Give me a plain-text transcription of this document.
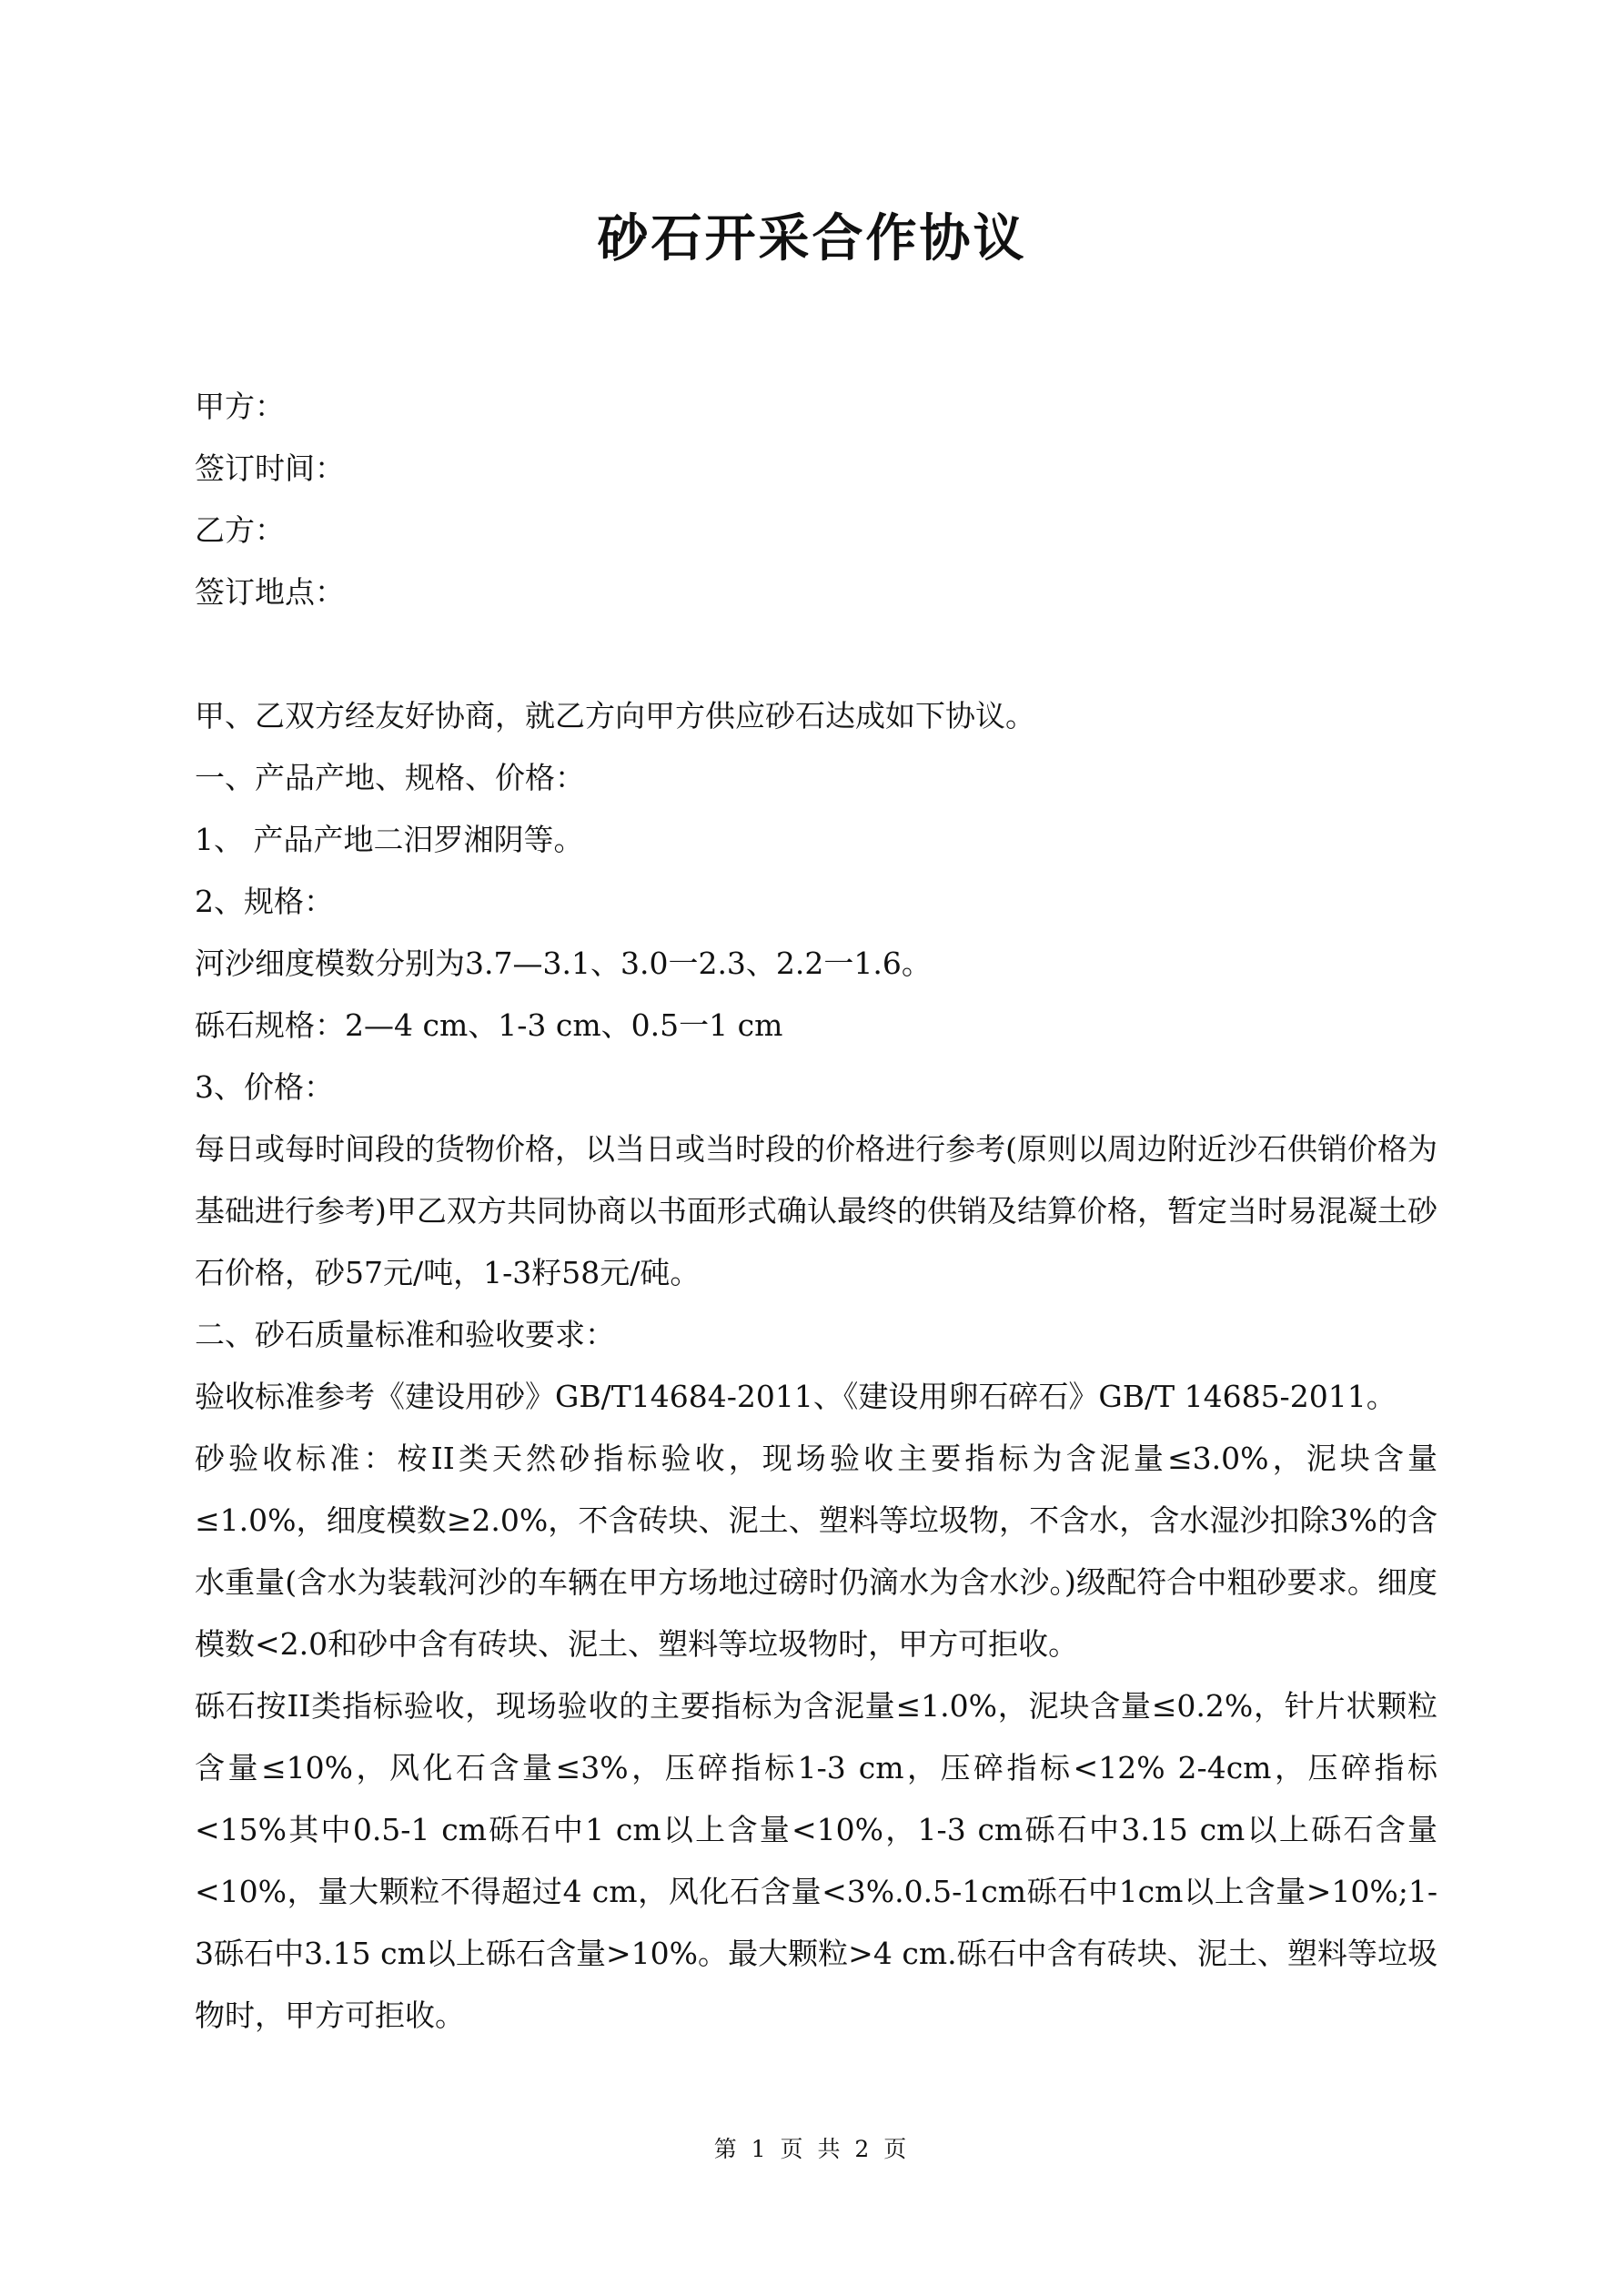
砂石开采合作协议

甲方：

签订时间：

乙方：

签订地点：

甲、乙双方经友好协商，就乙方向甲方供应砂石达成如下协议。

一、产品产地、规格、价格：

1、 产品产地二汨罗湘阴等。

2、规格：

河沙细度模数分别为3.7—3.1、3.0一2.3、2.2一1.6。

砾石规格：2—4 cm、1-3 cm、0.5一1 cm

3、价格：

每日或每时间段的货物价格，以当日或当时段的价格进行参考(原则以周边附近沙石供销价格为基础进行参考)甲乙双方共同协商以书面形式确认最终的供销及结算价格，暂定当时易混凝土砂石价格，砂57元/吨，1-3籽58元/砘。

二、砂石质量标准和验收要求：

验收标准参考《建设用砂》GB/T14684-2011、《建设用卵石碎石》GB/T 14685-2011。

砂验收标准：桉II类天然砂指标验收，现场验收主要指标为含泥量≤3.0%，泥块含量≤1.0%，细度模数≥2.0%，不含砖块、泥土、塑料等垃圾物，不含水，含水湿沙扣除3%的含水重量(含水为装载河沙的车辆在甲方场地过磅时仍滴水为含水沙。)级配符合中粗砂要求。细度模数<2.0和砂中含有砖块、泥土、塑料等垃圾物时，甲方可拒收。

砾石按II类指标验收，现场验收的主要指标为含泥量≤1.0%，泥块含量≤0.2%，针片状颗粒含量≤10%，风化石含量≤3%，压碎指标1-3 cm，压碎指标<12% 2-4cm，压碎指标<15%其中0.5-1 cm砾石中1 cm以上含量<10%，1-3 cm砾石中3.15 cm以上砾石含量<10%，量大颗粒不得超过4 cm，风化石含量<3%.0.5-1cm砾石中1cm以上含量>10%;1-3砾石中3.15 cm以上砾石含量>10%。最大颗粒>4 cm.砾石中含有砖块、泥土、塑料等垃圾物时，甲方可拒收。

第 1 页 共 2 页
